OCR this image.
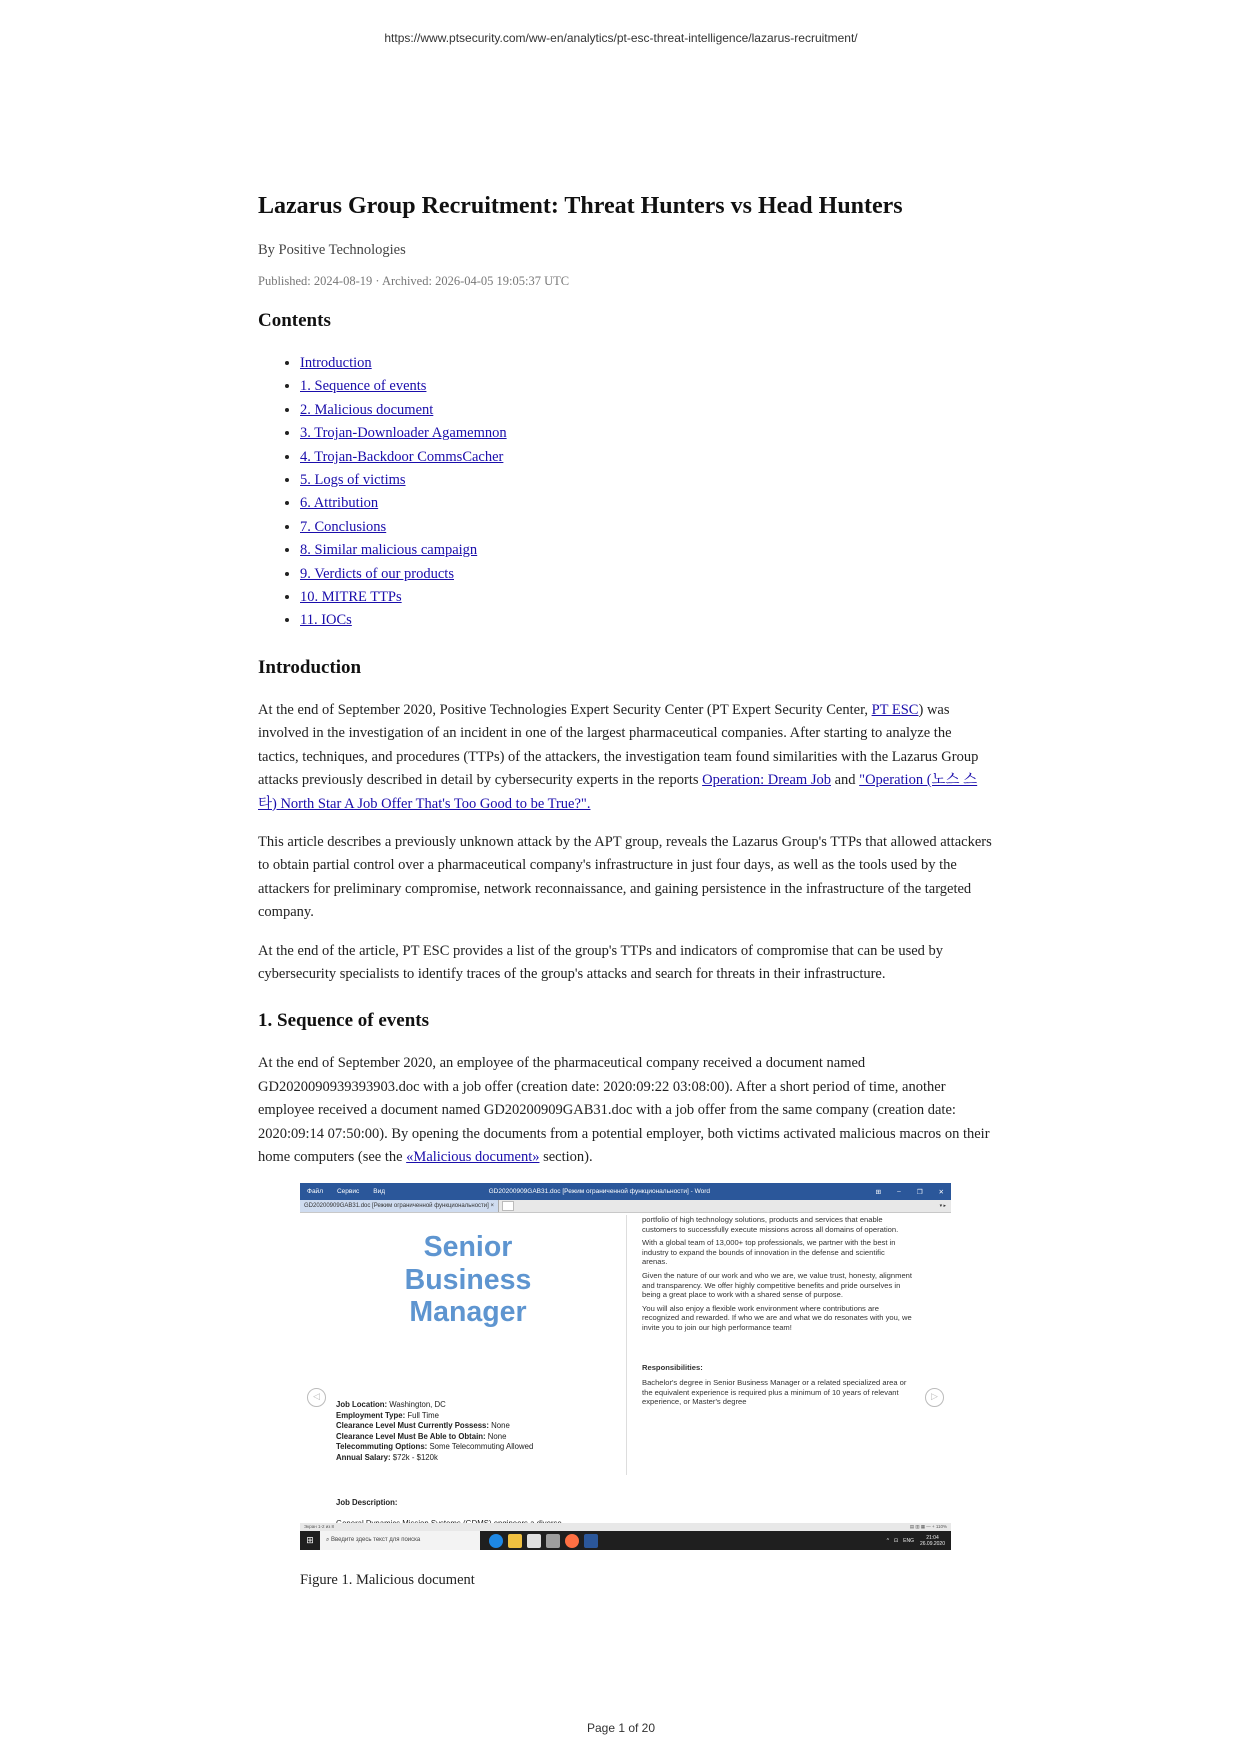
https://www.ptsecurity.com/ww-en/analytics/pt-esc-threat-intelligence/lazarus-recruitment/
Lazarus Group Recruitment: Threat Hunters vs Head Hunters
By Positive Technologies
Published: 2024-08-19 · Archived: 2026-04-05 19:05:37 UTC
Contents
• Introduction
• 1. Sequence of events
• 2. Malicious document
• 3. Trojan-Downloader Agamemnon
• 4. Trojan-Backdoor CommsCacher
• 5. Logs of victims
• 6. Attribution
• 7. Conclusions
• 8. Similar malicious campaign
• 9. Verdicts of our products
• 10. MITRE TTPs
• 11. IOCs
Introduction

At the end of September 2020, Positive Technologies Expert Security Center (PT Expert Security Center, PT ESC) was involved in the investigation of an incident in one of the largest pharmaceutical companies. After starting to analyze the tactics, techniques, and procedures (TTPs) of the attackers, the investigation team found similarities with the Lazarus Group attacks previously described in detail by cybersecurity experts in the reports Operation: Dream Job and "Operation (노스 스타) North Star A Job Offer That's Too Good to be True?".

This article describes a previously unknown attack by the APT group, reveals the Lazarus Group's TTPs that allowed attackers to obtain partial control over a pharmaceutical company's infrastructure in just four days, as well as the tools used by the attackers for preliminary compromise, network reconnaissance, and gaining persistence in the infrastructure of the targeted company.

At the end of the article, PT ESC provides a list of the group's TTPs and indicators of compromise that can be used by cybersecurity specialists to identify traces of the group's attacks and search for threats in their infrastructure.

1. Sequence of events

At the end of September 2020, an employee of the pharmaceutical company received a document named GD2020090939393903.doc with a job offer (creation date: 2020:09:22 03:08:00). After a short period of time, another employee received a document named GD20200909GAB31.doc with a job offer from the same company (creation date: 2020:09:14 07:50:00). By opening the documents from a potential employer, both victims activated malicious macros on their home computers (see the «Malicious document» section).

Файл Сервис Вид	GD20200909GAB31.doc [Режим ограниченной функциональности] - Word	⊞ – ❐ ✕
GD20200909GAB31.doc [Режим ограниченной функциональности] ×	▾ ▸
◁	▷
Senior
Business
Manager
Job Location: Washington, DC
Employment Type: Full Time
Clearance Level Must Currently Possess: None
Clearance Level Must Be Able to Obtain: None
Telecommuting Options: Some Telecommuting Allowed
Annual Salary: $72k - $120k
Job Description:

portfolio of high technology solutions, products and services that enable customers to successfully execute missions across all domains of operation.

With a global team of 13,000+ top professionals, we partner with the best in industry to expand the bounds of innovation in the defense and scientific arenas.

Given the nature of our work and who we are, we value trust, honesty, alignment and transparency. We offer highly competitive benefits and pride ourselves in being a great place to work with a shared sense of purpose.

You will also enjoy a flexible work environment where contributions are recognized and rewarded. If who we are and what we do resonates with you, we invite you to join our high performance team!

Responsibilities:

Bachelor's degree in Senior Business Manager or a related specialized area or the equivalent experience is required plus a minimum of 10 years of relevant experience, or Master's degree

Экран 1-2 из 8	▤ ▥ ▦ — + 110%
⊞	⌕ Введите здесь текст для поиска	^ ⊡ ENG	21:04
26.09.2020
Figure 1. Malicious document
Page 1 of 20
